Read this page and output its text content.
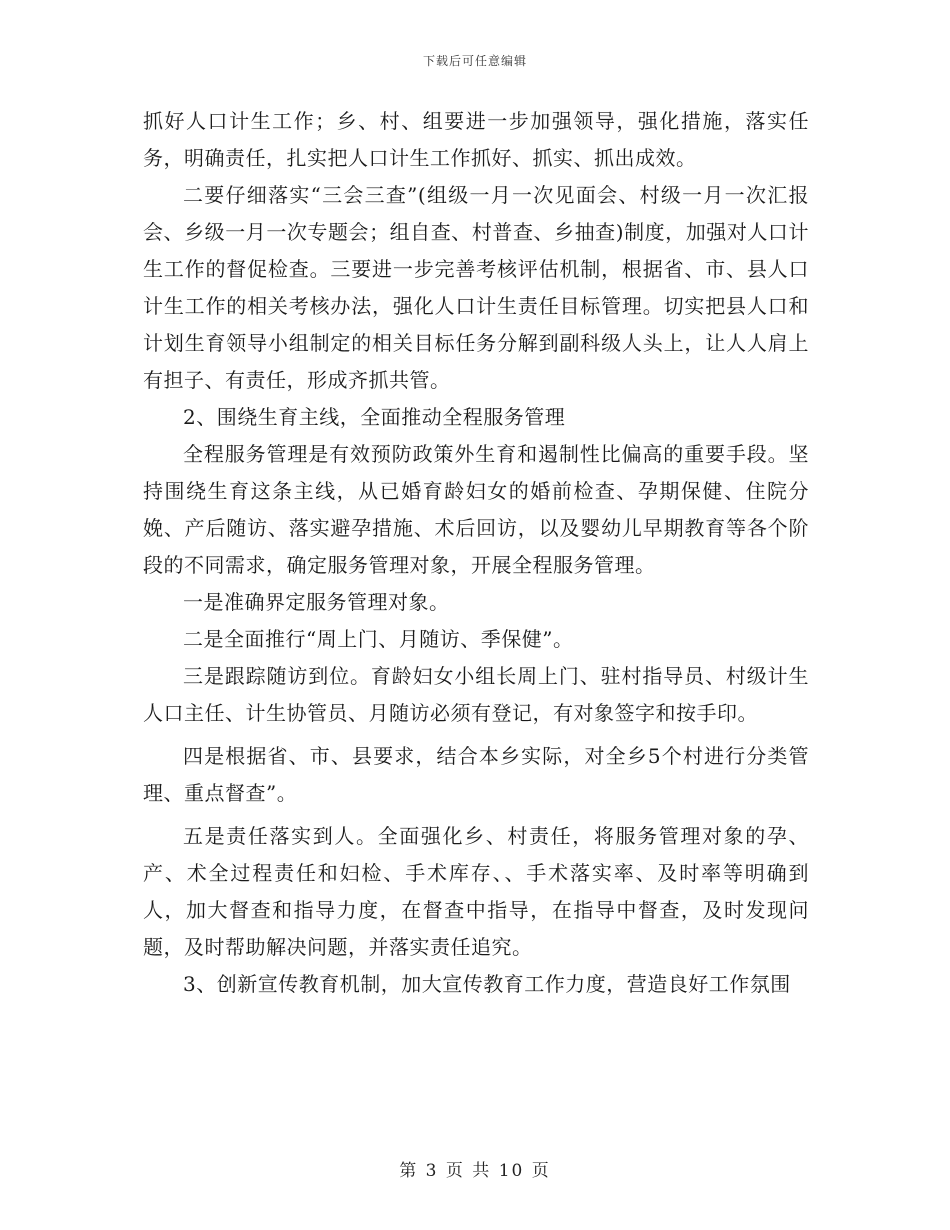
下载后可任意编辑

抓好人口计生工作；乡、村、组要进一步加强领导，强化措施，落实任务，明确责任，扎实把人口计生工作抓好、抓实、抓出成效。

二要仔细落实“三会三查”(组级一月一次见面会、村级一月一次汇报会、乡级一月一次专题会；组自查、村普查、乡抽查)制度，加强对人口计生工作的督促检查。三要进一步完善考核评估机制，根据省、市、县人口计生工作的相关考核办法，强化人口计生责任目标管理。切实把县人口和计划生育领导小组制定的相关目标任务分解到副科级人头上，让人人肩上有担子、有责任，形成齐抓共管。

2、围绕生育主线，全面推动全程服务管理

全程服务管理是有效预防政策外生育和遏制性比偏高的重要手段。坚持围绕生育这条主线，从已婚育龄妇女的婚前检查、孕期保健、住院分娩、产后随访、落实避孕措施、术后回访，以及婴幼儿早期教育等各个阶段的不同需求，确定服务管理对象，开展全程服务管理。

一是准确界定服务管理对象。

二是全面推行“周上门、月随访、季保健”。

三是跟踪随访到位。育龄妇女小组长周上门、驻村指导员、村级计生人口主任、计生协管员、月随访必须有登记，有对象签字和按手印。

四是根据省、市、县要求，结合本乡实际，对全乡5个村进行分类管理、重点督查”。

五是责任落实到人。全面强化乡、村责任，将服务管理对象的孕、产、术全过程责任和妇检、手术库存、、手术落实率、及时率等明确到人，加大督查和指导力度，在督查中指导，在指导中督查，及时发现问题，及时帮助解决问题，并落实责任追究。

3、创新宣传教育机制，加大宣传教育工作力度，营造良好工作氛围

第 3 页 共 10 页
